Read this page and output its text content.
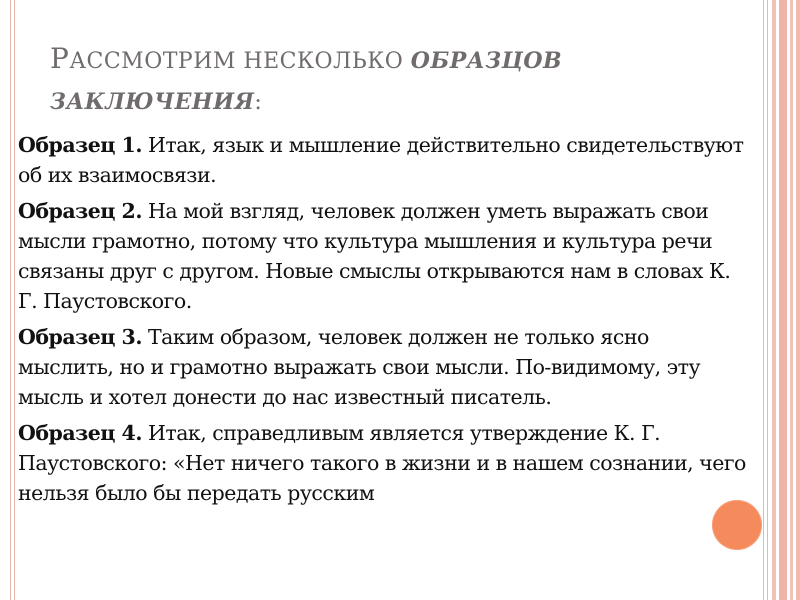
РАССМОТРИМ НЕСКОЛЬКО ОБРАЗЦОВ ЗАКЛЮЧЕНИЯ:

Образец 1. Итак, язык и мышление действительно свидетельствуют об их взаимосвязи.

Образец 2. На мой взгляд, человек должен уметь выражать свои мысли грамотно, потому что культура мышления и культура речи связаны друг с другом. Новые смыслы открываются нам в словах К. Г. Паустовского.

Образец 3. Таким образом, человек должен не только ясно мыслить, но и грамотно выражать свои мысли. По-видимому, эту мысль и хотел донести до нас известный писатель.

Образец 4. Итак, справедливым является утверждение К. Г. Паустовского: «Нет ничего такого в жизни и в нашем сознании, чего нельзя было бы передать русским
